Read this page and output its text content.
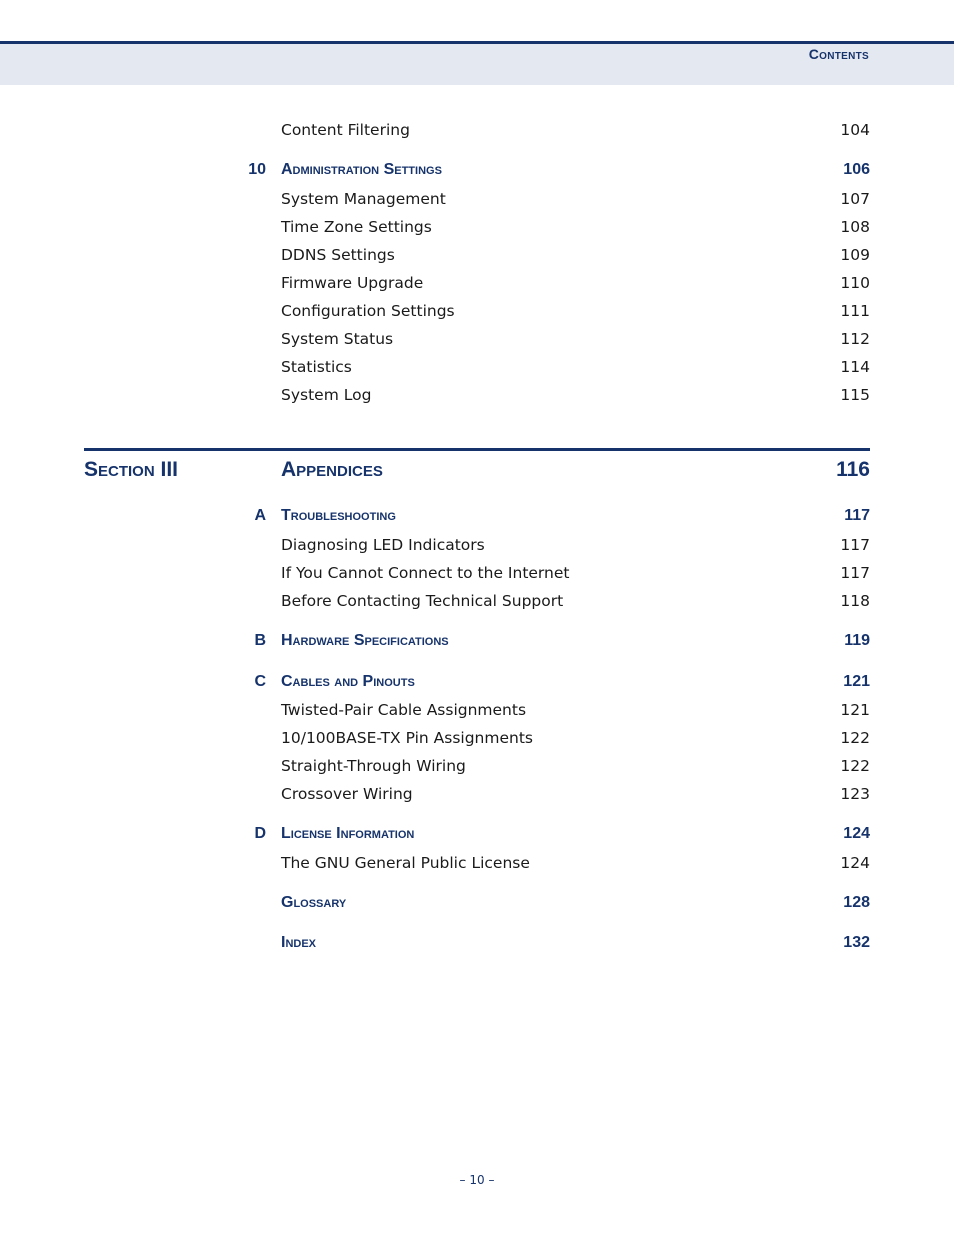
Contents
Content Filtering	104
10 Administration Settings	106
System Management	107
Time Zone Settings	108
DDNS Settings	109
Firmware Upgrade	110
Configuration Settings	111
System Status	112
Statistics	114
System Log	115
Section III	Appendices	116
A Troubleshooting	117
Diagnosing LED Indicators	117
If You Cannot Connect to the Internet	117
Before Contacting Technical Support	118
B Hardware Specifications	119
C Cables and Pinouts	121
Twisted-Pair Cable Assignments	121
10/100BASE-TX Pin Assignments	122
Straight-Through Wiring	122
Crossover Wiring	123
D License Information	124
The GNU General Public License	124
Glossary	128
Index	132
– 10 –
